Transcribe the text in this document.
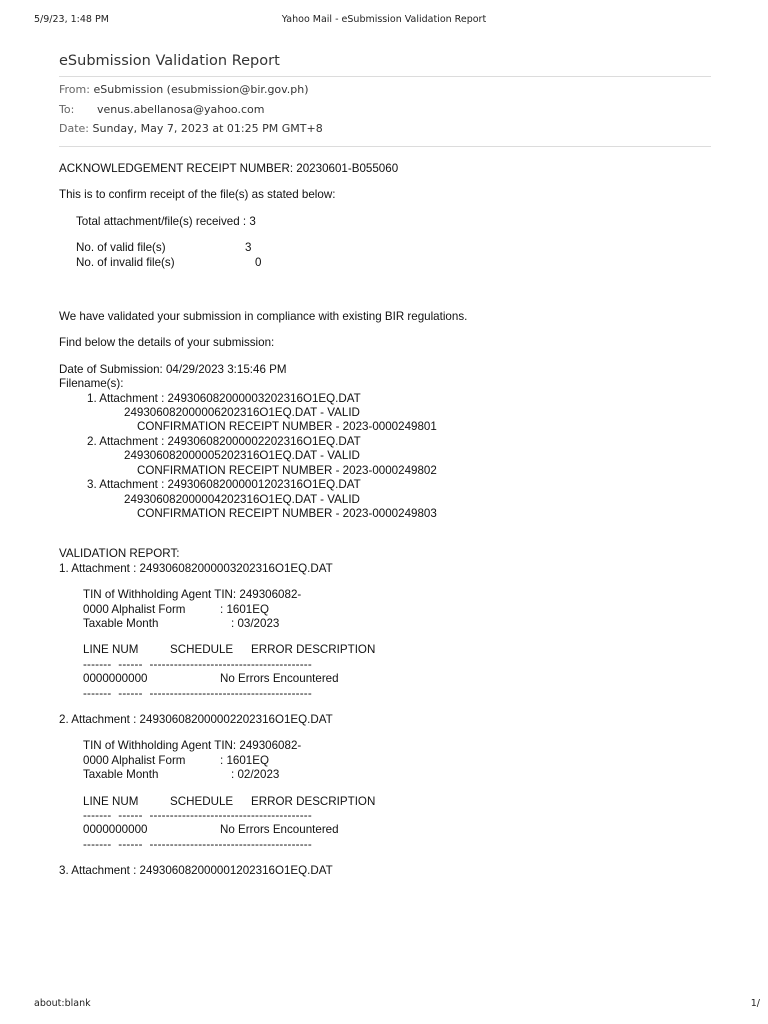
5/9/23, 1:48 PM	Yahoo Mail - eSubmission Validation Report
eSubmission Validation Report
From: eSubmission (esubmission@bir.gov.ph)
To: venus.abellanosa@yahoo.com
Date: Sunday, May 7, 2023 at 01:25 PM GMT+8
ACKNOWLEDGEMENT RECEIPT NUMBER: 20230601-B055060
This is to confirm receipt of the file(s) as stated below:
Total attachment/file(s) received : 3
No. of valid file(s)	3
No. of invalid file(s)	0
We have validated your submission in compliance with existing BIR regulations.
Find below the details of your submission:
Date of Submission: 04/29/2023 3:15:46 PM
Filename(s):
1. Attachment : 249306082000003202316O1EQ.DAT
249306082000006202316O1EQ.DAT - VALID
CONFIRMATION RECEIPT NUMBER - 2023-0000249801
2. Attachment : 249306082000002202316O1EQ.DAT
249306082000005202316O1EQ.DAT - VALID
CONFIRMATION RECEIPT NUMBER - 2023-0000249802
3. Attachment : 249306082000001202316O1EQ.DAT
249306082000004202316O1EQ.DAT - VALID
CONFIRMATION RECEIPT NUMBER - 2023-0000249803
VALIDATION REPORT:
1. Attachment : 249306082000003202316O1EQ.DAT
TIN of Withholding Agent TIN: 249306082-
0000 Alphalist Form	: 1601EQ
Taxable Month	: 03/2023
LINE NUM	SCHEDULE ERROR DESCRIPTION
-------  ------  ----------------------------------------
0000000000	No Errors Encountered
-------  ------  ----------------------------------------
2. Attachment : 249306082000002202316O1EQ.DAT
TIN of Withholding Agent TIN: 249306082-
0000 Alphalist Form	: 1601EQ
Taxable Month	: 02/2023
LINE NUM	SCHEDULE ERROR DESCRIPTION
-------  ------  ----------------------------------------
0000000000	No Errors Encountered
-------  ------  ----------------------------------------
3. Attachment : 249306082000001202316O1EQ.DAT
about:blank	1/
